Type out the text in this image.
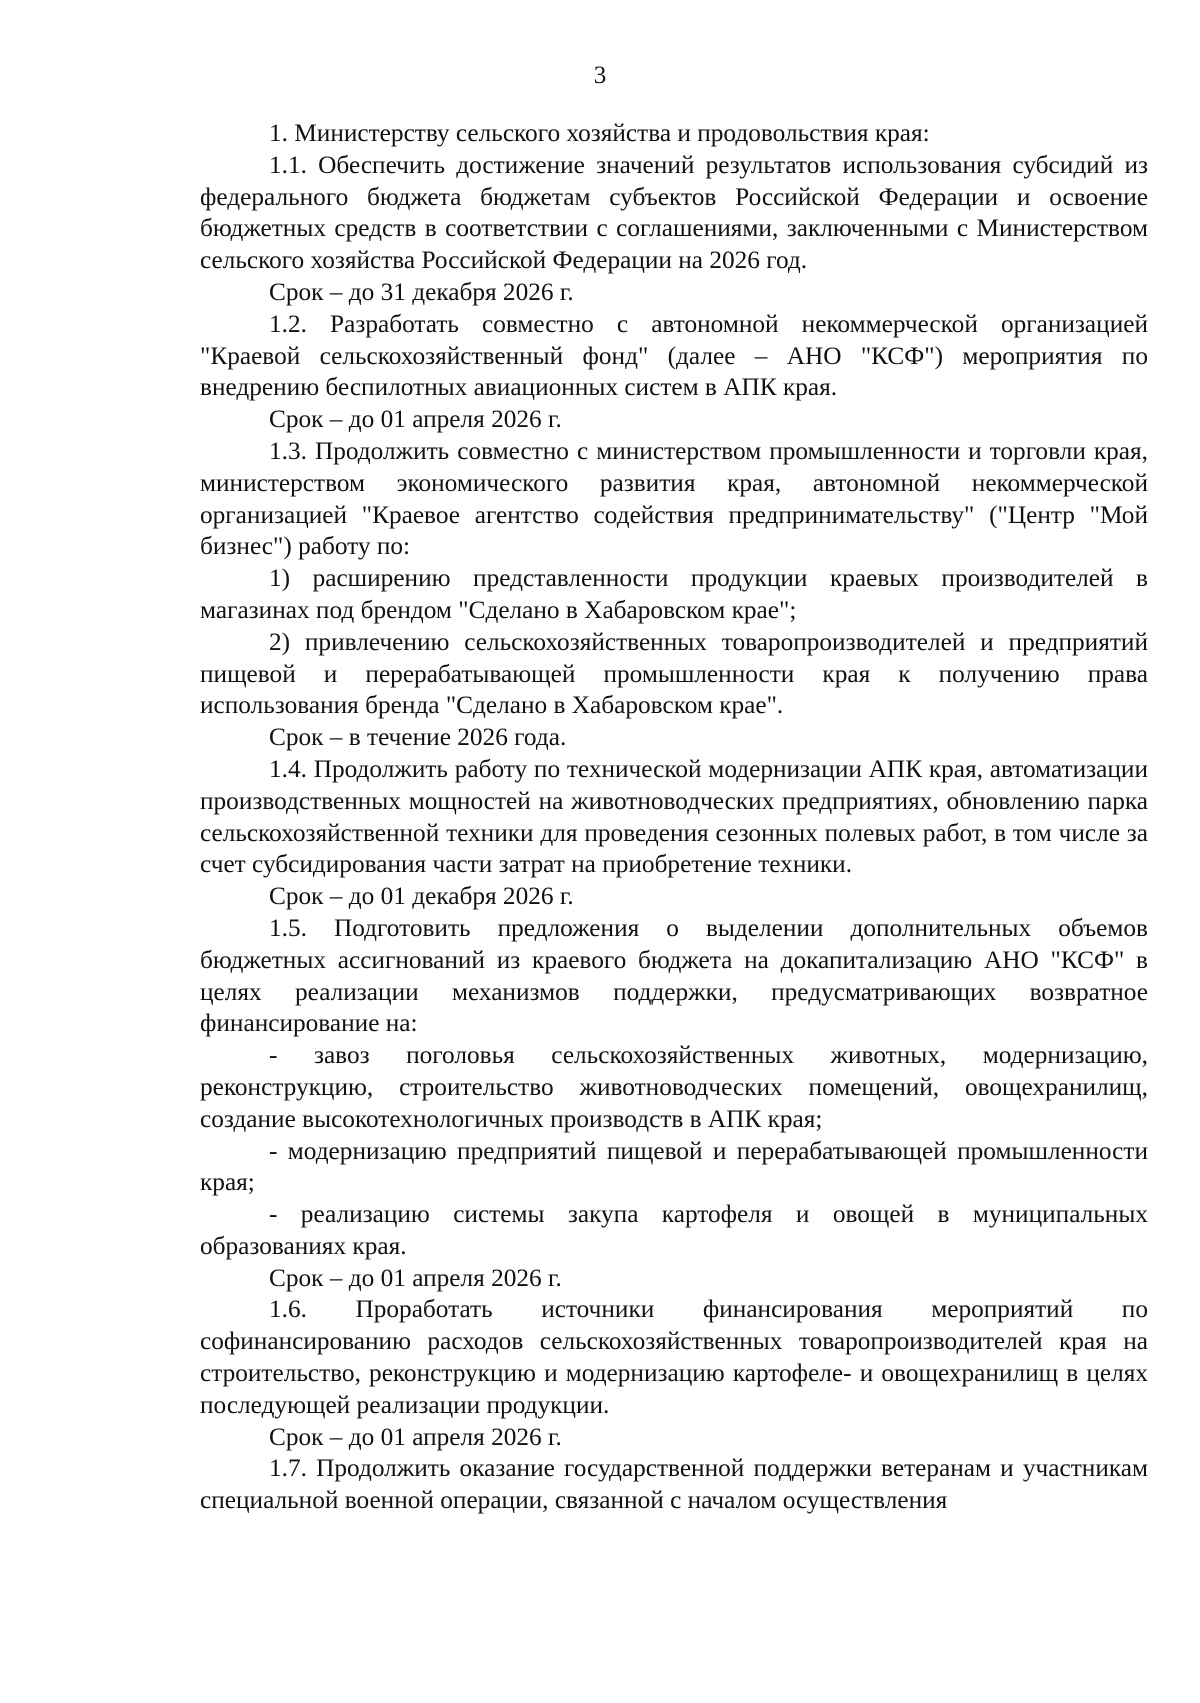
3

1. Министерству сельского хозяйства и продовольствия края:

1.1. Обеспечить достижение значений результатов использования субсидий из федерального бюджета бюджетам субъектов Российской Федерации и освоение бюджетных средств в соответствии с соглашениями, заключенными с Министерством сельского хозяйства Российской Федерации на 2026 год.

Срок – до 31 декабря 2026 г.

1.2. Разработать совместно с автономной некоммерческой организацией "Краевой сельскохозяйственный фонд" (далее – АНО "КСФ") мероприятия по внедрению беспилотных авиационных систем в АПК края.

Срок – до 01 апреля 2026 г.

1.3. Продолжить совместно с министерством промышленности и торговли края, министерством экономического развития края, автономной некоммерческой организацией "Краевое агентство содействия предпринимательству" ("Центр "Мой бизнес") работу по:

1) расширению представленности продукции краевых производителей в магазинах под брендом "Сделано в Хабаровском крае";

2) привлечению сельскохозяйственных товаропроизводителей и предприятий пищевой и перерабатывающей промышленности края к получению права использования бренда "Сделано в Хабаровском крае".

Срок – в течение 2026 года.

1.4. Продолжить работу по технической модернизации АПК края, автоматизации производственных мощностей на животноводческих предприятиях, обновлению парка сельскохозяйственной техники для проведения сезонных полевых работ, в том числе за счет субсидирования части затрат на приобретение техники.

Срок – до 01 декабря 2026 г.

1.5. Подготовить предложения о выделении дополнительных объемов бюджетных ассигнований из краевого бюджета на докапитализацию АНО "КСФ" в целях реализации механизмов поддержки, предусматривающих возвратное финансирование на:

- завоз поголовья сельскохозяйственных животных, модернизацию, реконструкцию, строительство животноводческих помещений, овощехранилищ, создание высокотехнологичных производств в АПК края;

- модернизацию предприятий пищевой и перерабатывающей промышленности края;

- реализацию системы закупа картофеля и овощей в муниципальных образованиях края.

Срок – до 01 апреля 2026 г.

1.6. Проработать источники финансирования мероприятий по софинансированию расходов сельскохозяйственных товаропроизводителей края на строительство, реконструкцию и модернизацию картофеле- и овощехранилищ в целях последующей реализации продукции.

Срок – до 01 апреля 2026 г.

1.7. Продолжить оказание государственной поддержки ветеранам и участникам специальной военной операции, связанной с началом осуществления
